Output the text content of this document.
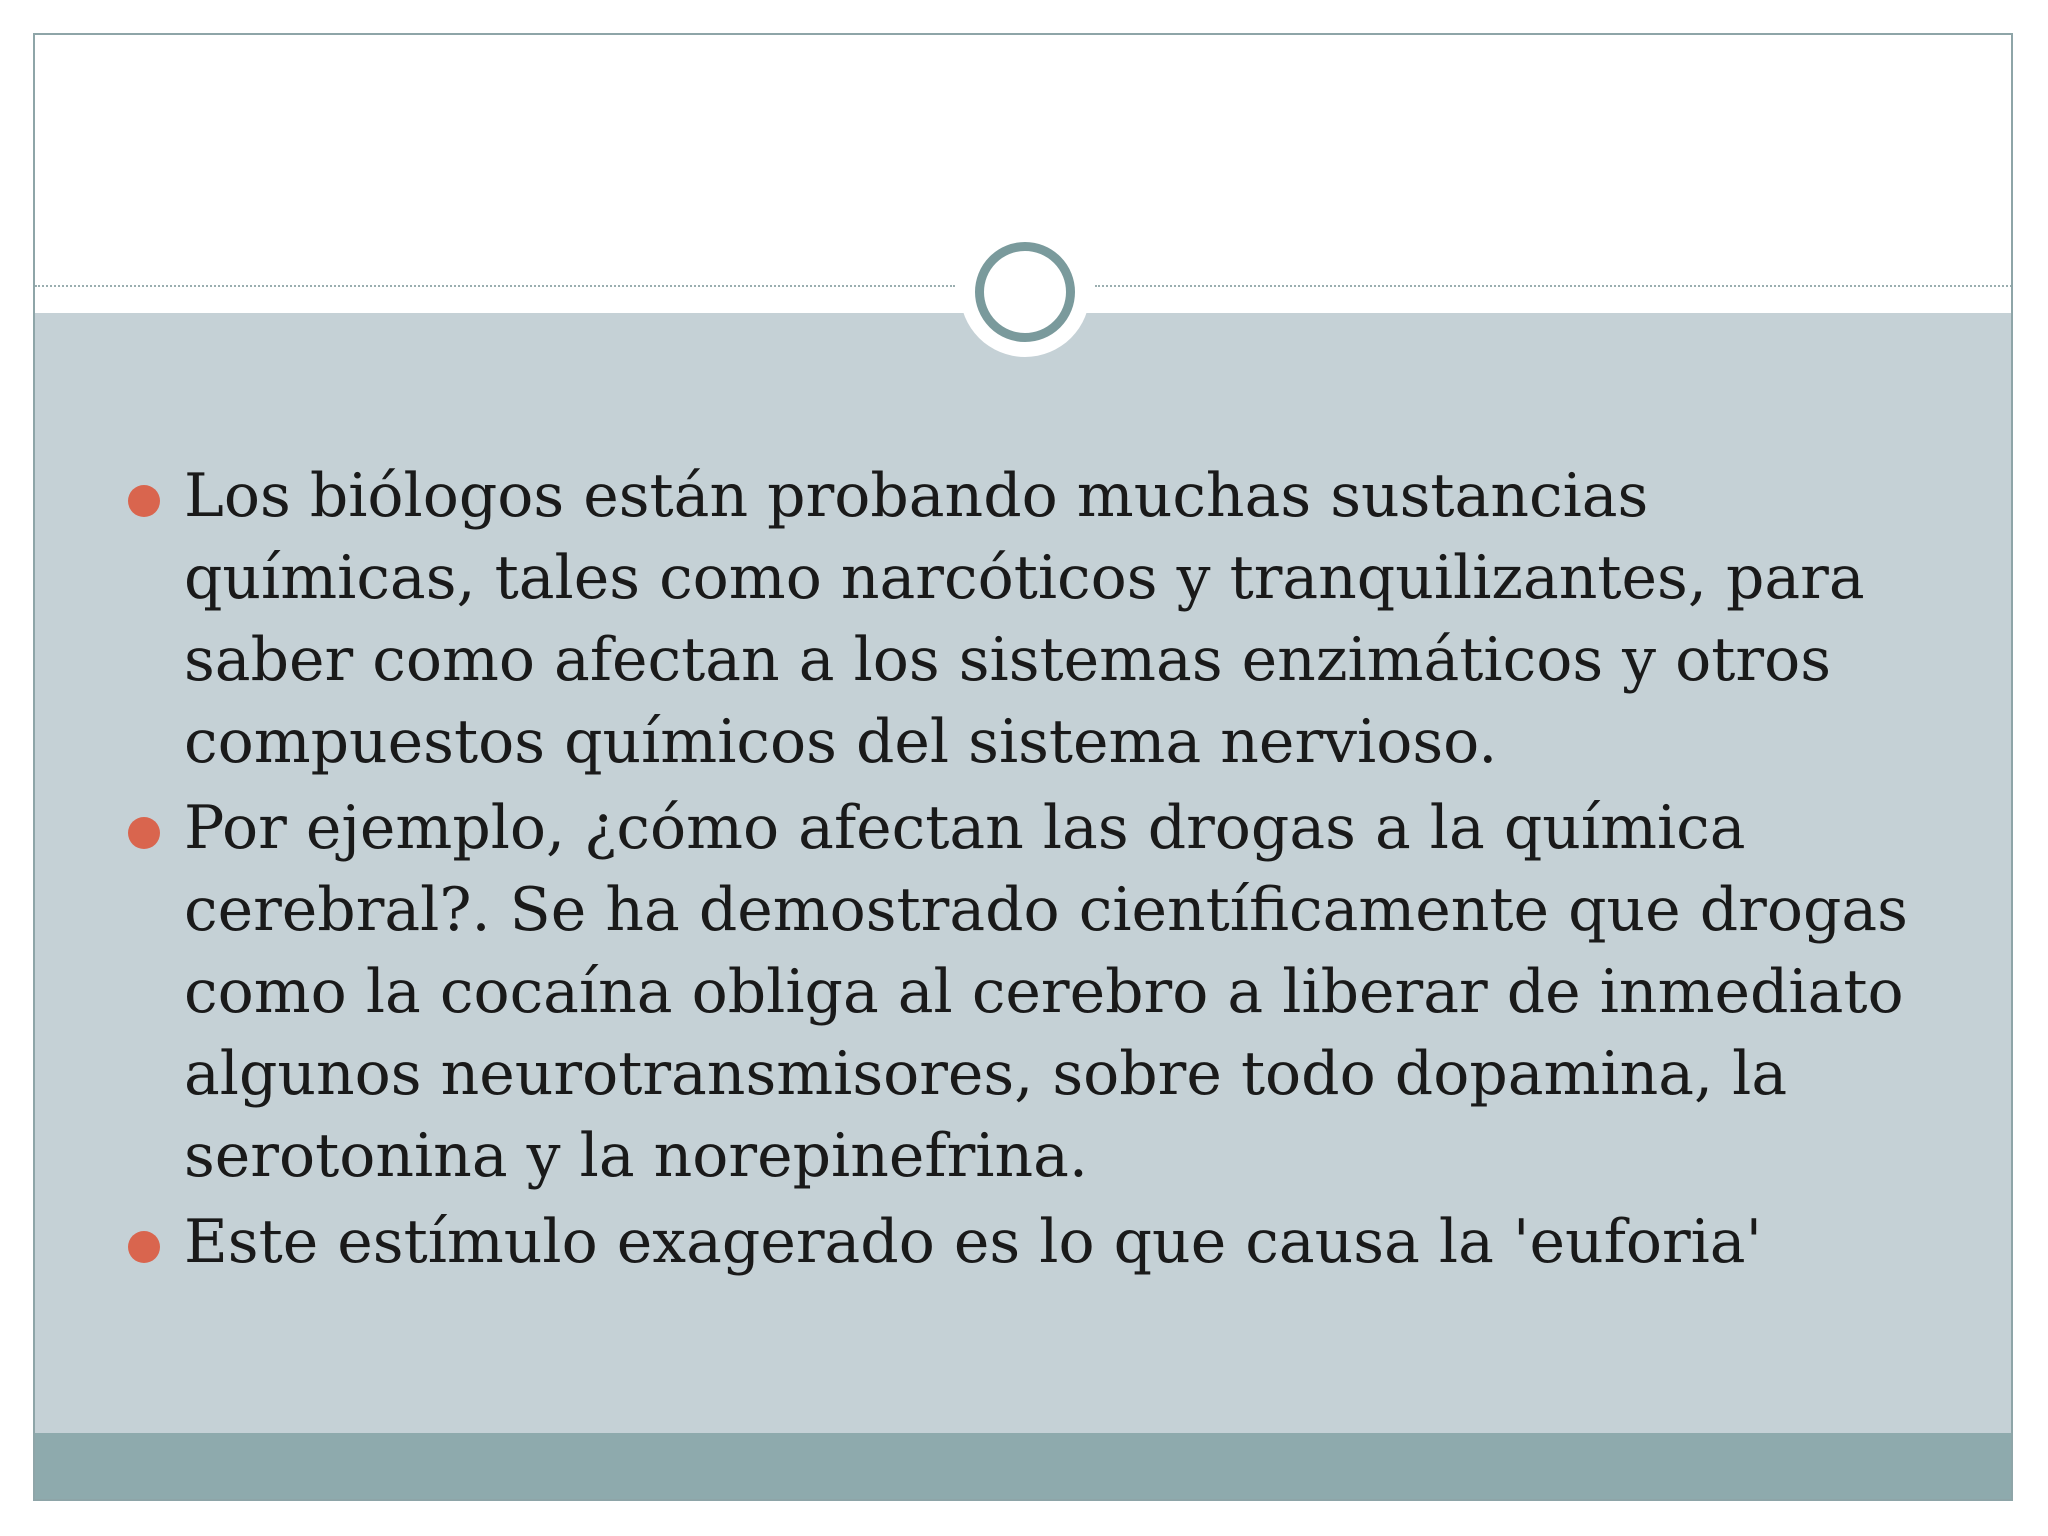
Los biólogos están probando muchas sustancias químicas, tales como narcóticos y tranquilizantes, para saber como afectan a los sistemas enzimáticos y otros compuestos químicos del sistema nervioso.
Por ejemplo, ¿cómo afectan las drogas a la química cerebral?. Se ha demostrado científicamente que drogas como la cocaína obliga al cerebro a liberar de inmediato algunos neurotransmisores, sobre todo dopamina, la serotonina y la norepinefrina.
Este estímulo exagerado es lo que causa la 'euforia'
